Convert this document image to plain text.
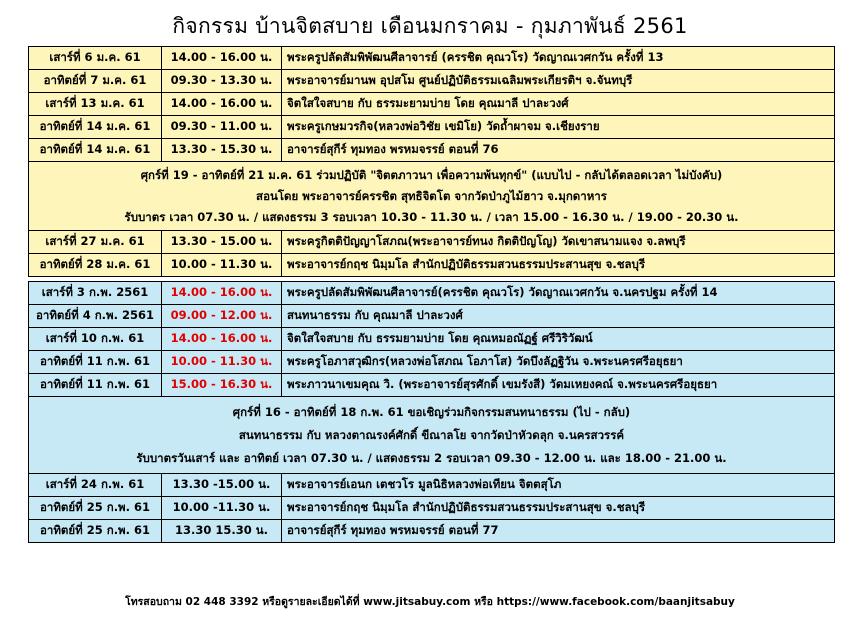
กิจกรรม บ้านจิตสบาย เดือนมกราคม - กุมภาพันธ์ 2561
เสาร์ที่ 6 ม.ค. 61	14.00 - 16.00 น.	พระครูปลัดสัมพิพัฒนศีลาจารย์ (ครรชิต คุณวโร) วัดญาณเวศกวัน ครั้งที่ 13
อาทิตย์ที่ 7 ม.ค. 61	09.30 - 13.30 น.	พระอาจารย์มานพ อุปสโม ศูนย์ปฏิบัติธรรมเฉลิมพระเกียรติฯ จ.จันทบุรี
เสาร์ที่ 13 ม.ค. 61	14.00 - 16.00 น.	จิตใสใจสบาย กับ ธรรมะยามบ่าย โดย คุณมาลี ปาละวงศ์
อาทิตย์ที่ 14 ม.ค. 61	09.30 - 11.00 น.	พระครูเกษมวรกิจ(หลวงพ่อวิชัย เขมิโย) วัดถ้ำผาจม จ.เชียงราย
อาทิตย์ที่ 14 ม.ค. 61	13.30 - 15.30 น.	อาจารย์สุกีร์ ทุมทอง พรหมจรรย์ ตอนที่ 76

ศุกร์ที่ 19 - อาทิตย์ที่ 21 ม.ค. 61 ร่วมปฏิบัติ "จิตตภาวนา เพื่อความพ้นทุกข์" (แบบไป - กลับได้ตลอดเวลา ไม่บังคับ)
สอนโดย พระอาจารย์ครรชิต สุทธิจิตโต จากวัดป่าภูไม้ฮาว จ.มุกดาหาร
รับบาตร เวลา 07.30 น. / แสดงธรรม 3 รอบเวลา 10.30 - 11.30 น. / เวลา 15.00 - 16.30 น. / 19.00 - 20.30 น.		

เสาร์ที่ 27 ม.ค. 61	13.30 - 15.00 น.	พระครูกิตติปัญญาโสภณ(พระอาจารย์ทนง กิตติปัญโญ) วัดเขาสนามแจง จ.ลพบุรี
อาทิตย์ที่ 28 ม.ค. 61	10.00 - 11.30 น.	พระอาจารย์กฤช นิมฺมโล สำนักปฏิบัติธรรมสวนธรรมประสานสุข จ.ชลบุรี

เสาร์ที่ 3 ก.พ. 2561	14.00 - 16.00 น.	พระครูปลัดสัมพิพัฒนศีลาจารย์(ครรชิต คุณวโร) วัดญาณเวศกวัน จ.นครปฐม ครั้งที่ 14
อาทิตย์ที่ 4 ก.พ. 2561	09.00 - 12.00 น.	สนทนาธรรม กับ คุณมาลี ปาละวงศ์
เสาร์ที่ 10 ก.พ. 61	14.00 - 16.00 น.	จิตใสใจสบาย กับ ธรรมยามบ่าย โดย คุณหมอณัฏฐ์ ศรีวิริวัฒน์
อาทิตย์ที่ 11 ก.พ. 61	10.00 - 11.30 น.	พระครูโอภาสวุฒิกร(หลวงพ่อโสภณ โอภาโส) วัดบึงลัฏฐิวัน จ.พระนครศรีอยุธยา
อาทิตย์ที่ 11 ก.พ. 61	15.00 - 16.30 น.	พระภาวนาเขมคุณ วิ. (พระอาจารย์สุรศักดิ์ เขมรังสี) วัดมเหยงคณ์ จ.พระนครศรีอยุธยา

ศุกร์ที่ 16 - อาทิตย์ที่ 18 ก.พ. 61 ขอเชิญร่วมกิจกรรมสนทนาธรรม (ไป - กลับ)
สนทนาธรรม กับ หลวงตาณรงค์ศักดิ์ ขีณาลโย จากวัดป่าหัวดลุก จ.นครสวรรค์
รับบาตรวันเสาร์ และ อาทิตย์ เวลา 07.30 น. / แสดงธรรม 2 รอบเวลา 09.30 - 12.00 น. และ 18.00 - 21.00 น.		

เสาร์ที่ 24 ก.พ. 61	13.30 -15.00 น.	พระอาจารย์เอนก เตชวโร มูลนิธิหลวงพ่อเทียน จิตตสุโภ
อาทิตย์ที่ 25 ก.พ. 61	10.00 -11.30 น.	พระอาจารย์กฤช นิมฺมโล สำนักปฏิบัติธรรมสวนธรรมประสานสุข จ.ชลบุรี
อาทิตย์ที่ 25 ก.พ. 61	13.30 15.30 น.	อาจารย์สุกีร์ ทุมทอง พรหมจรรย์ ตอนที่ 77
โทรสอบถาม 02 448 3392 หรือดูรายละเอียดได้ที่ www.jitsabuy.com หรือ https://www.facebook.com/baanjitsabuy
